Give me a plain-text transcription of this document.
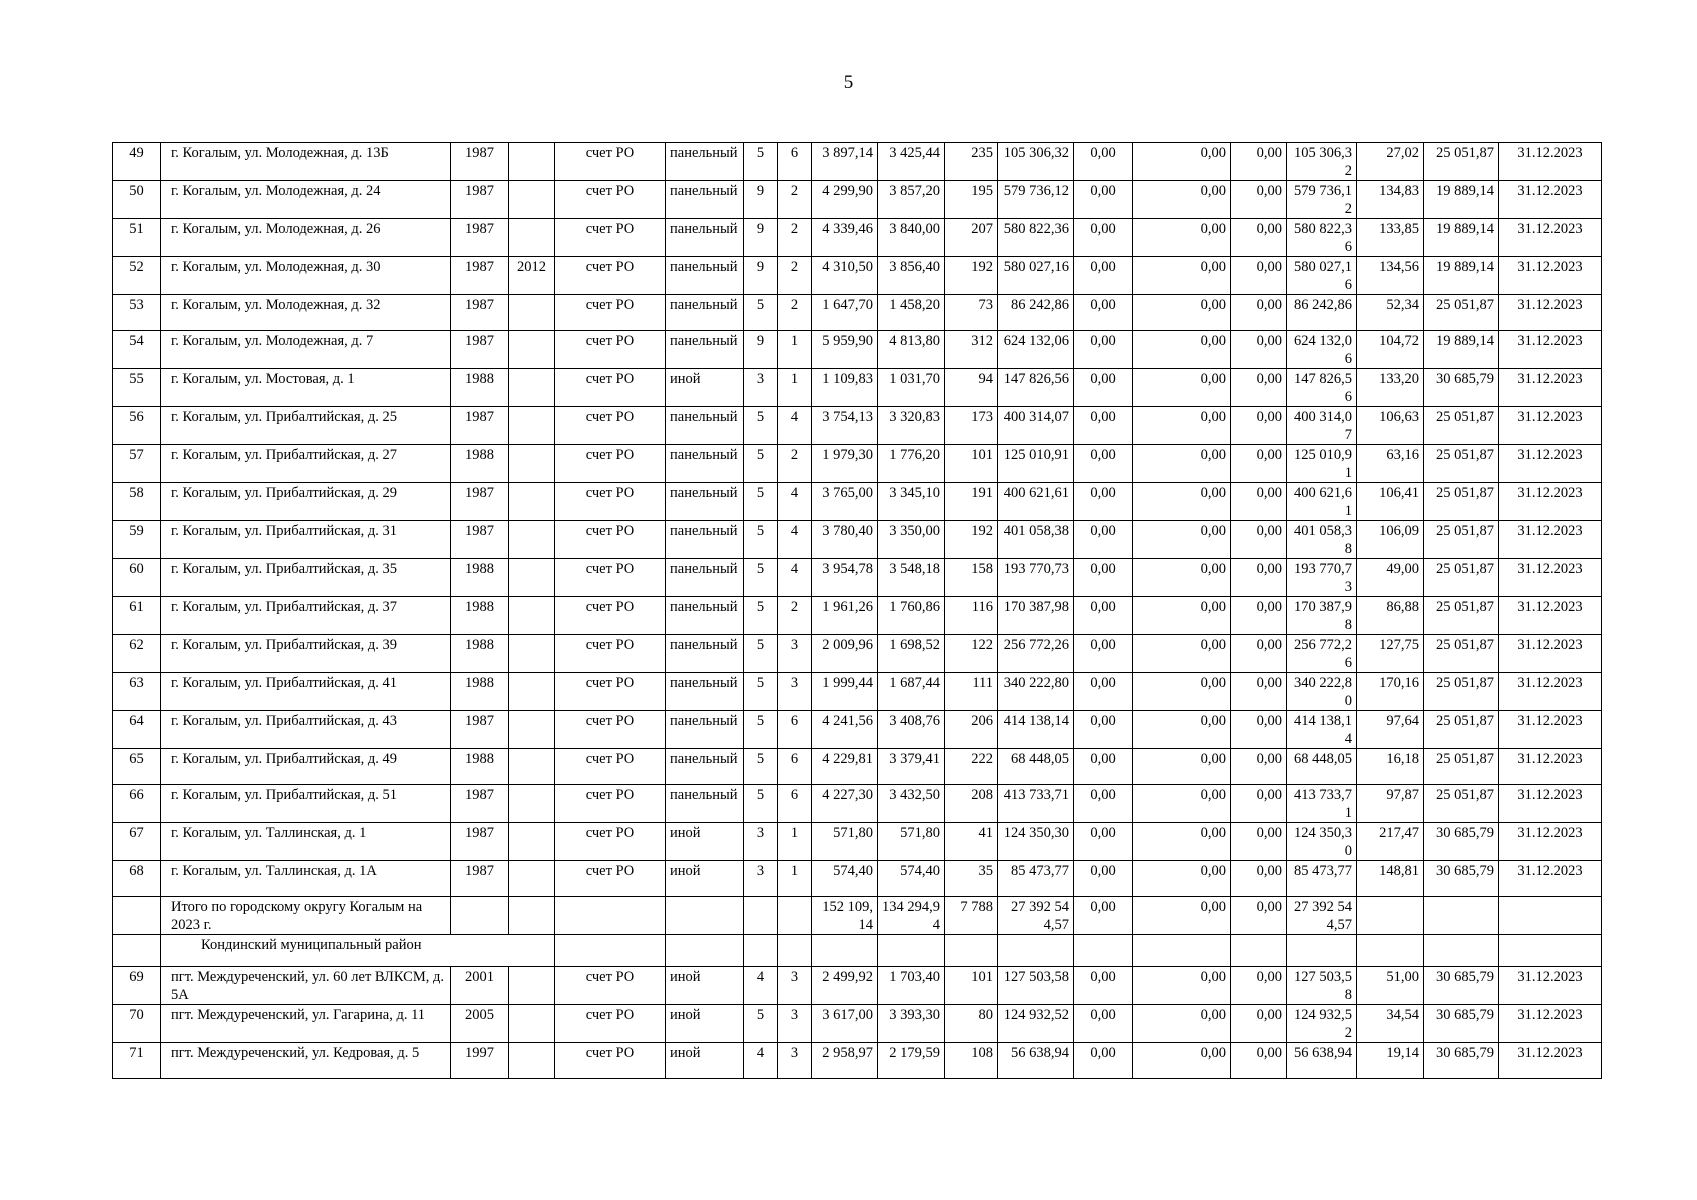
5
49	г. Когалым, ул. Молодежная, д. 13Б	1987		счет РО	панельный	5	6	3 897,14	3 425,44	235	105 306,32	0,00	0,00	0,00	105 306,32	27,02	25 051,87	31.12.2023
50	г. Когалым, ул. Молодежная, д. 24	1987		счет РО	панельный	9	2	4 299,90	3 857,20	195	579 736,12	0,00	0,00	0,00	579 736,12	134,83	19 889,14	31.12.2023
51	г. Когалым, ул. Молодежная, д. 26	1987		счет РО	панельный	9	2	4 339,46	3 840,00	207	580 822,36	0,00	0,00	0,00	580 822,36	133,85	19 889,14	31.12.2023
52	г. Когалым, ул. Молодежная, д. 30	1987	2012	счет РО	панельный	9	2	4 310,50	3 856,40	192	580 027,16	0,00	0,00	0,00	580 027,16	134,56	19 889,14	31.12.2023
53	г. Когалым, ул. Молодежная, д. 32	1987		счет РО	панельный	5	2	1 647,70	1 458,20	73	86 242,86	0,00	0,00	0,00	86 242,86	52,34	25 051,87	31.12.2023
54	г. Когалым, ул. Молодежная, д. 7	1987		счет РО	панельный	9	1	5 959,90	4 813,80	312	624 132,06	0,00	0,00	0,00	624 132,06	104,72	19 889,14	31.12.2023
55	г. Когалым, ул. Мостовая, д. 1	1988		счет РО	иной	3	1	1 109,83	1 031,70	94	147 826,56	0,00	0,00	0,00	147 826,56	133,20	30 685,79	31.12.2023
56	г. Когалым, ул. Прибалтийская, д. 25	1987		счет РО	панельный	5	4	3 754,13	3 320,83	173	400 314,07	0,00	0,00	0,00	400 314,07	106,63	25 051,87	31.12.2023
57	г. Когалым, ул. Прибалтийская, д. 27	1988		счет РО	панельный	5	2	1 979,30	1 776,20	101	125 010,91	0,00	0,00	0,00	125 010,91	63,16	25 051,87	31.12.2023
58	г. Когалым, ул. Прибалтийская, д. 29	1987		счет РО	панельный	5	4	3 765,00	3 345,10	191	400 621,61	0,00	0,00	0,00	400 621,61	106,41	25 051,87	31.12.2023
59	г. Когалым, ул. Прибалтийская, д. 31	1987		счет РО	панельный	5	4	3 780,40	3 350,00	192	401 058,38	0,00	0,00	0,00	401 058,38	106,09	25 051,87	31.12.2023
60	г. Когалым, ул. Прибалтийская, д. 35	1988		счет РО	панельный	5	4	3 954,78	3 548,18	158	193 770,73	0,00	0,00	0,00	193 770,73	49,00	25 051,87	31.12.2023
61	г. Когалым, ул. Прибалтийская, д. 37	1988		счет РО	панельный	5	2	1 961,26	1 760,86	116	170 387,98	0,00	0,00	0,00	170 387,98	86,88	25 051,87	31.12.2023
62	г. Когалым, ул. Прибалтийская, д. 39	1988		счет РО	панельный	5	3	2 009,96	1 698,52	122	256 772,26	0,00	0,00	0,00	256 772,26	127,75	25 051,87	31.12.2023
63	г. Когалым, ул. Прибалтийская, д. 41	1988		счет РО	панельный	5	3	1 999,44	1 687,44	111	340 222,80	0,00	0,00	0,00	340 222,80	170,16	25 051,87	31.12.2023
64	г. Когалым, ул. Прибалтийская, д. 43	1987		счет РО	панельный	5	6	4 241,56	3 408,76	206	414 138,14	0,00	0,00	0,00	414 138,14	97,64	25 051,87	31.12.2023
65	г. Когалым, ул. Прибалтийская, д. 49	1988		счет РО	панельный	5	6	4 229,81	3 379,41	222	68 448,05	0,00	0,00	0,00	68 448,05	16,18	25 051,87	31.12.2023
66	г. Когалым, ул. Прибалтийская, д. 51	1987		счет РО	панельный	5	6	4 227,30	3 432,50	208	413 733,71	0,00	0,00	0,00	413 733,71	97,87	25 051,87	31.12.2023
67	г. Когалым, ул. Таллинская, д. 1	1987		счет РО	иной	3	1	571,80	571,80	41	124 350,30	0,00	0,00	0,00	124 350,30	217,47	30 685,79	31.12.2023
68	г. Когалым, ул. Таллинская, д. 1А	1987		счет РО	иной	3	1	574,40	574,40	35	85 473,77	0,00	0,00	0,00	85 473,77	148,81	30 685,79	31.12.2023
	Итого по городскому округу Когалым на 2023 г.							152 109,14	134 294,94	7 788	27 392 544,57	0,00	0,00	0,00	27 392 544,57			
	Кондинский муниципальный район																	
69	пгт. Междуреченский, ул. 60 лет ВЛКСМ, д. 5А	2001		счет РО	иной	4	3	2 499,92	1 703,40	101	127 503,58	0,00	0,00	0,00	127 503,58	51,00	30 685,79	31.12.2023
70	пгт. Междуреченский, ул. Гагарина, д. 11	2005		счет РО	иной	5	3	3 617,00	3 393,30	80	124 932,52	0,00	0,00	0,00	124 932,52	34,54	30 685,79	31.12.2023
71	пгт. Междуреченский, ул. Кедровая, д. 5	1997		счет РО	иной	4	3	2 958,97	2 179,59	108	56 638,94	0,00	0,00	0,00	56 638,94	19,14	30 685,79	31.12.2023
